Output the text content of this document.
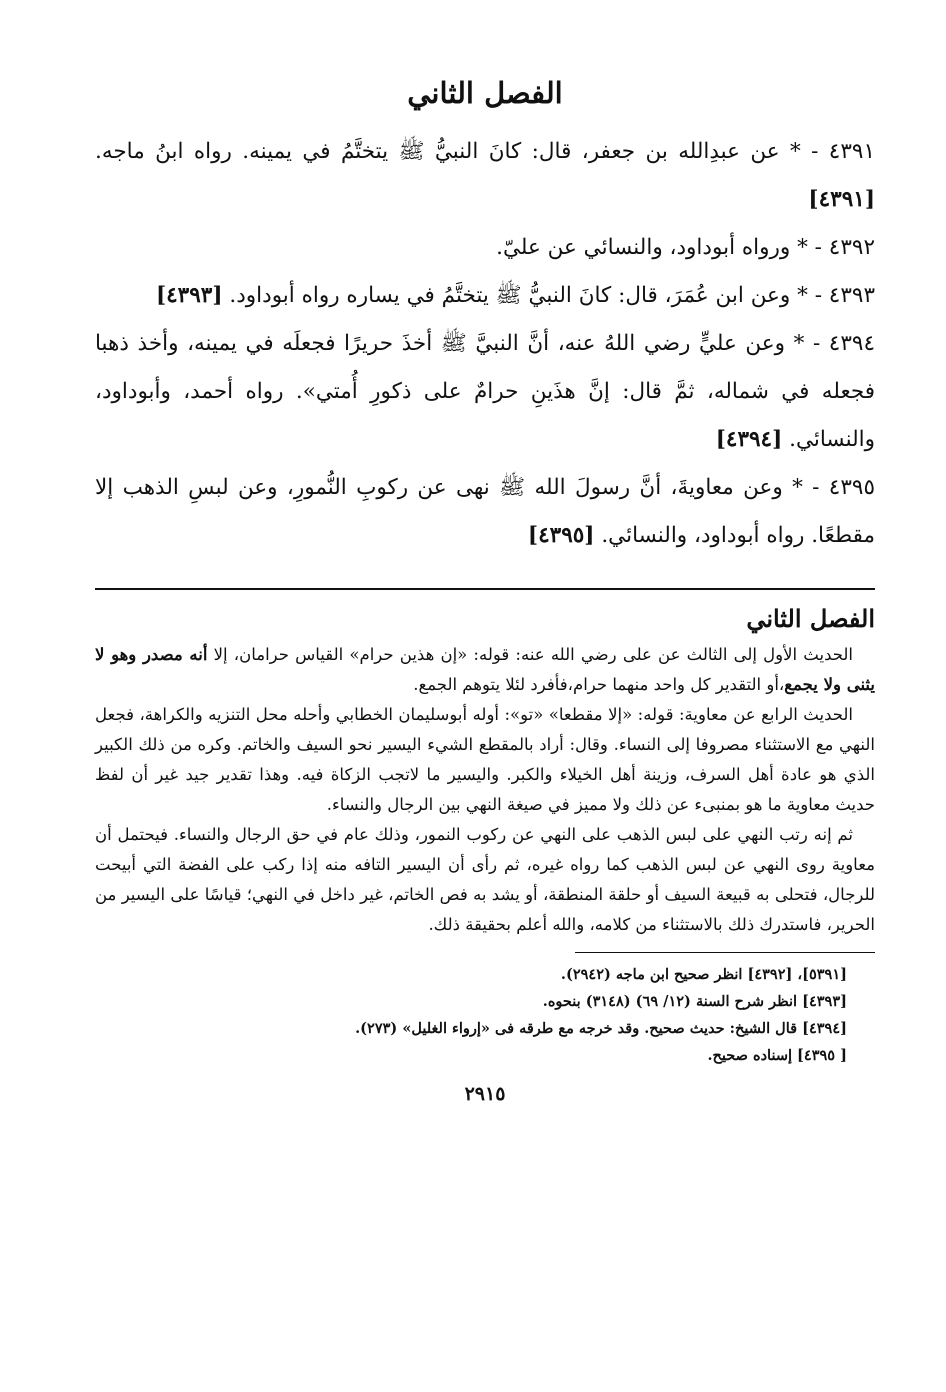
الفصل الثاني

٤٣٩١ - * عن عبدِالله بن جعفر، قال: كانَ النبيُّ ﷺ يتختَّمُ في يمينه. رواه ابنُ ماجه. [٤٣٩١]

٤٣٩٢ - * ورواه أبوداود، والنسائي عن عليّ.

٤٣٩٣ - * وعن ابن عُمَرَ، قال: كانَ النبيُّ ﷺ يتختَّمُ في يساره رواه أبوداود. [٤٣٩٣]

٤٣٩٤ - * وعن عليٍّ رضي اللهُ عنه، أنَّ النبيَّ ﷺ أخذَ حريرًا فجعلَه في يمينه، وأخذ ذهبا فجعله في شماله، ثمَّ قال: إنَّ هذَينِ حرامٌ على ذكورِ أُمتي». رواه أحمد، وأبوداود، والنسائي. [٤٣٩٤]

٤٣٩٥ - * وعن معاويةَ، أنَّ رسولَ الله ﷺ نهى عن ركوبِ النُّمورِ، وعن لبسِ الذهب إلا مقطعًا. رواه أبوداود، والنسائي. [٤٣٩٥]

الفصل الثاني

الحديث الأول إلى الثالث عن على رضي الله عنه: قوله: «إن هذين حرام» القياس حرامان، إلا أنه مصدر وهو لا يثنى ولا يجمع،أو التقدير كل واحد منهما حرام،فأفرد لئلا يتوهم الجمع.

الحديث الرابع عن معاوية: قوله: «إلا مقطعا» «تو»: أوله أبوسليمان الخطابي وأحله محل التنزيه والكراهة، فجعل النهي مع الاستثناء مصروفا إلى النساء. وقال: أراد بالمقطع الشيء اليسير نحو السيف والخاتم. وكره من ذلك الكبير الذي هو عادة أهل السرف، وزينة أهل الخيلاء والكبر. واليسير ما لاتجب الزكاة فيه. وهذا تقدير جيد غير أن لفظ حديث معاوية ما هو بمنبىء عن ذلك ولا مميز في صيغة النهي بين الرجال والنساء.

ثم إنه رتب النهي على لبس الذهب على النهي عن ركوب النمور، وذلك عام في حق الرجال والنساء. فيحتمل أن معاوية روى النهي عن لبس الذهب كما رواه غيره، ثم رأى أن اليسير التافه منه إذا ركب على الفضة التي أبيحت للرجال، فتحلى به قبيعة السيف أو حلقة المنطقة، أو يشد به فص الخاتم، غير داخل في النهي؛ قياسًا على اليسير من الحرير، فاستدرك ذلك بالاستثناء من كلامه، والله أعلم بحقيقة ذلك.

[٥٣٩١]، [٤٣٩٢] انظر صحيح ابن ماجه (٢٩٤٢).

[٤٣٩٣] انظر شرح السنة (١٢/ ٦٩) (٣١٤٨) بنحوه.

[٤٣٩٤] قال الشيخ: حديث صحيح. وقد خرجه مع طرقه فى «إرواء الغليل» (٢٧٣).

[ ٤٣٩٥] إسناده صحيح.

٢٩١٥
